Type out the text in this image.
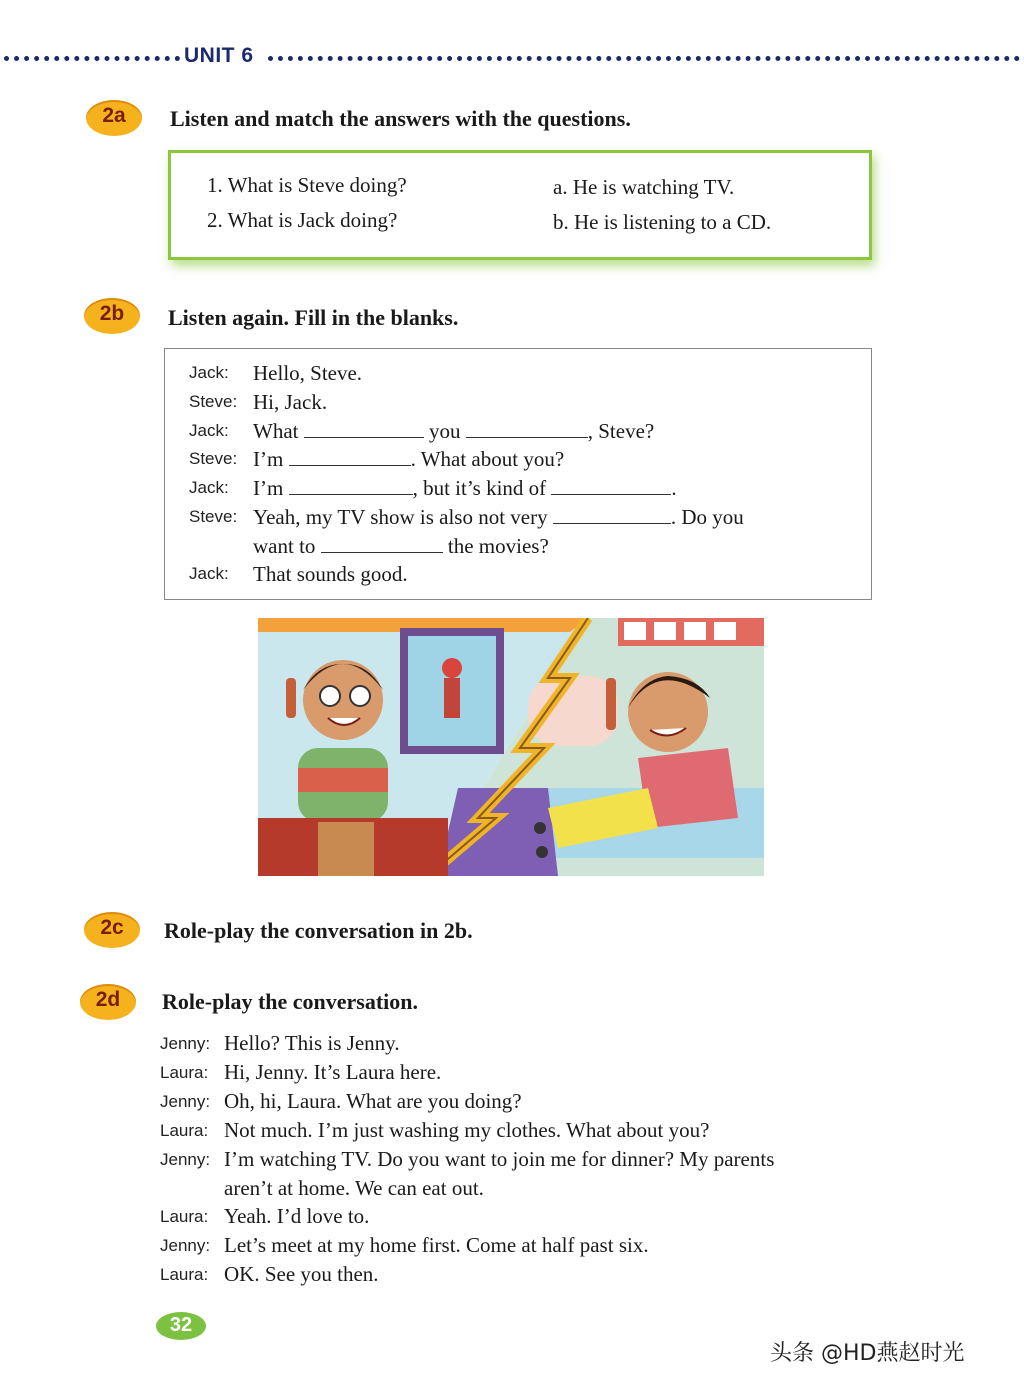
UNIT 6
2a	Listen and match the answers with the questions.
1. What is Steve doing?
2. What is Jack doing?
a. He is watching TV.
b. He is listening to a CD.
2b	Listen again. Fill in the blanks.
Jack: Hello, Steve.
Steve: Hi, Jack.
Jack: What	you	, Steve?
Steve: I’m	. What about you?
Jack: I’m	, but it’s kind of	.
Steve: Yeah, my TV show is also not very	. Do you
want to	the movies?
Jack: That sounds good.
2c	Role-play the conversation in 2b.
2d	Role-play the conversation.
Jenny: Hello? This is Jenny.
Laura: Hi, Jenny. It’s Laura here.
Jenny: Oh, hi, Laura. What are you doing?
Laura: Not much. I’m just washing my clothes. What about you?
Jenny: I’m watching TV. Do you want to join me for dinner? My parents
aren’t at home. We can eat out.
Laura: Yeah. I’d love to.
Jenny: Let’s meet at my home first. Come at half past six.
Laura: OK. See you then.
32
头条 @HD燕赵时光
